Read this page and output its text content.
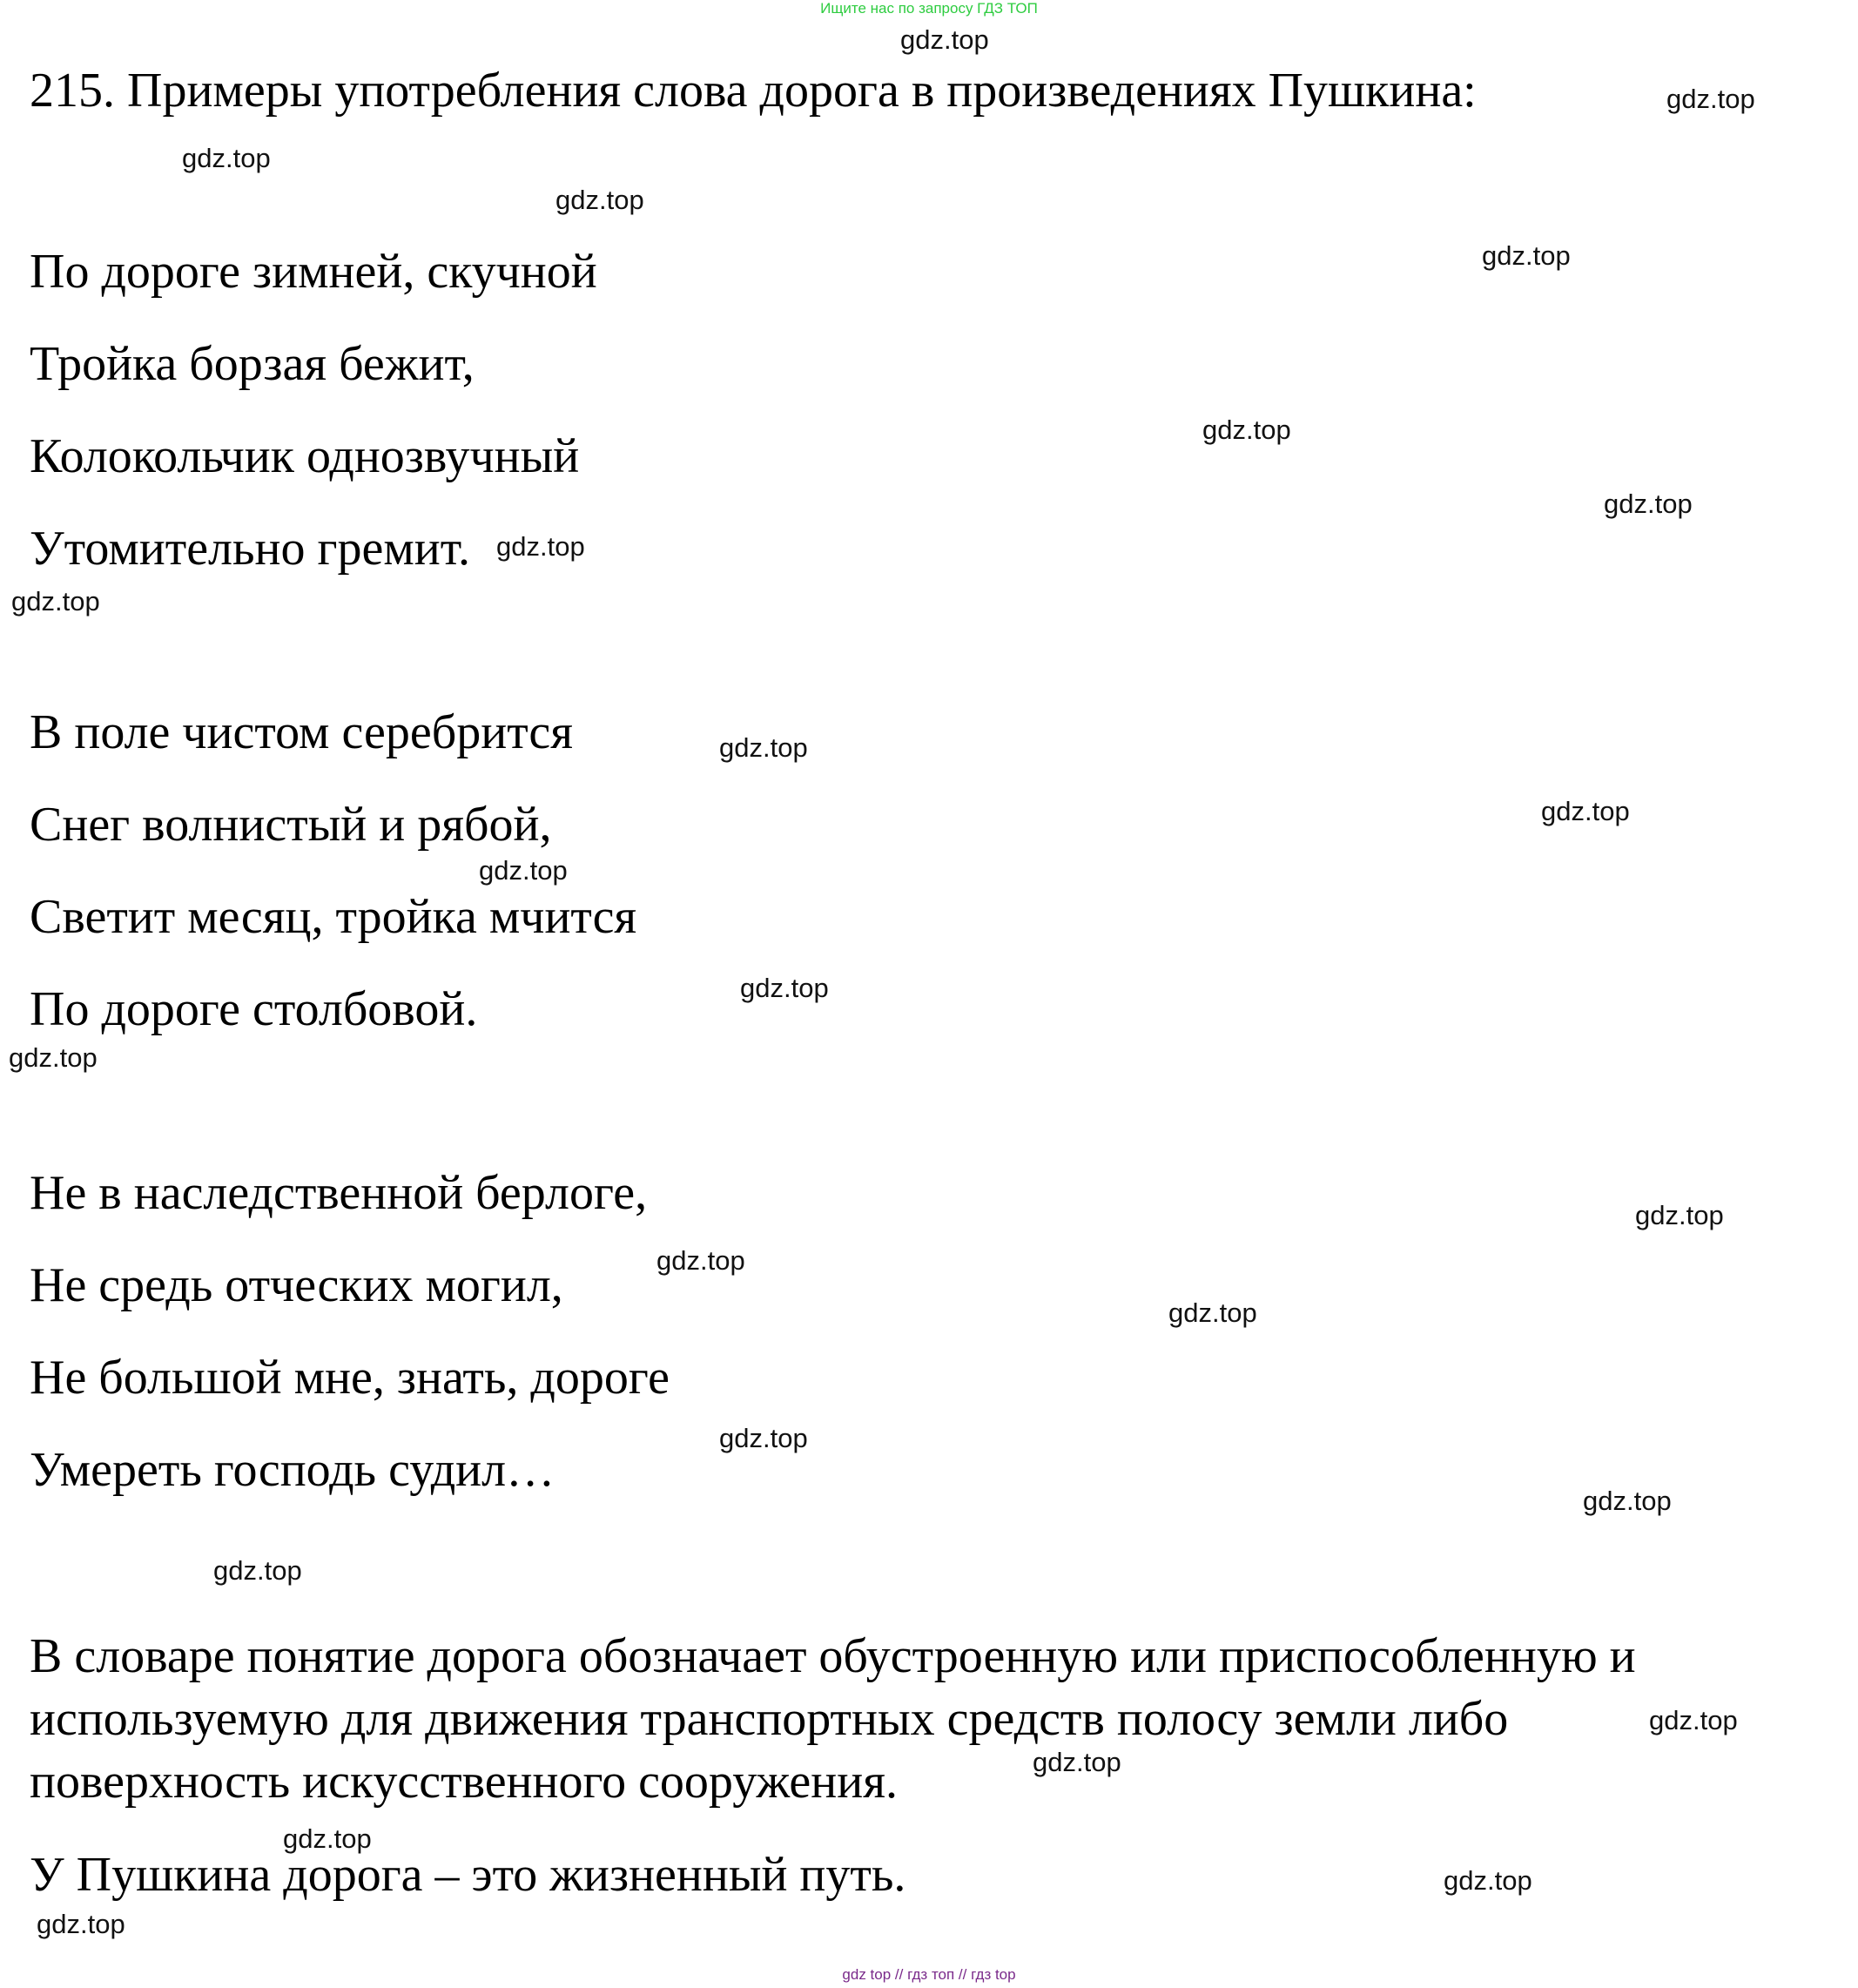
Ищите нас по запросу ГДЗ ТОП
215. Примеры употребления слова дорога в произведениях Пушкина:
По дороге зимней, скучной
Тройка борзая бежит,
Колокольчик однозвучный
Утомительно гремит.
В поле чистом серебрится
Снег волнистый и рябой,
Светит месяц, тройка мчится
По дороге столбовой.
Не в наследственной берлоге,
Не средь отческих могил,
Не большой мне, знать, дороге
Умереть господь судил…
В словаре понятие дорога обозначает обустроенную или приспособленную и используемую для движения транспортных средств полосу земли либо поверхность искусственного сооружения.
У Пушкина дорога – это жизненный путь.
gdz.top
gdz.top
gdz.top
gdz.top
gdz.top
gdz.top
gdz.top
gdz.top
gdz.top
gdz.top
gdz.top
gdz.top
gdz.top
gdz.top
gdz.top
gdz.top
gdz.top
gdz.top
gdz.top
gdz.top
gdz.top
gdz.top
gdz.top
gdz.top
gdz.top
gdz top // гдз топ // гдз top
